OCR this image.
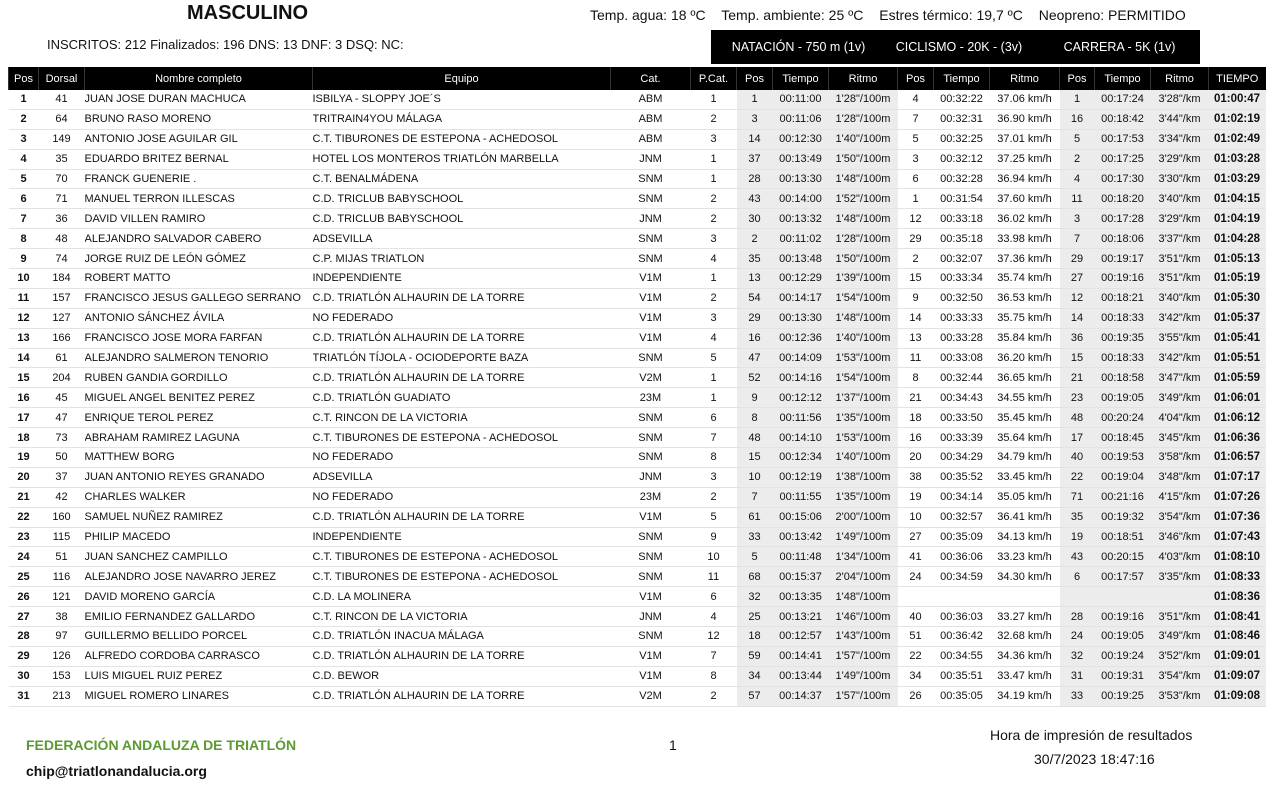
MASCULINO	Temp. agua: 18 ºC Temp. ambiente: 25 ºC Estres térmico: 19,7 ºC Neopreno: PERMITIDO
INSCRITOS: 212 Finalizados: 196 DNS: 13 DNF: 3 DSQ: NC:	NATACIÓN - 750 m (1v)	CICLISMO - 20K - (3v)	CARRERA - 5K (1v)
Pos	Dorsal	Nombre completo	Equipo	Cat.	P.Cat.	Pos	Tiempo	Ritmo	Pos	Tiempo	Ritmo	Pos	Tiempo	Ritmo	TIEMPO
1	41	JUAN JOSE DURAN MACHUCA	ISBILYA - SLOPPY JOE´S	ABM	1	1	00:11:00	1'28"/100m	4	00:32:22	37.06 km/h	1	00:17:24	3'28"/km	01:00:47
2	64	BRUNO RASO MORENO	TRITRAIN4YOU MÁLAGA	ABM	2	3	00:11:06	1'28"/100m	7	00:32:31	36.90 km/h	16	00:18:42	3'44"/km	01:02:19
3	149	ANTONIO JOSE AGUILAR GIL	C.T. TIBURONES DE ESTEPONA - ACHEDOSOL	ABM	3	14	00:12:30	1'40"/100m	5	00:32:25	37.01 km/h	5	00:17:53	3'34"/km	01:02:49
4	35	EDUARDO BRITEZ BERNAL	HOTEL LOS MONTEROS TRIATLÓN MARBELLA	JNM	1	37	00:13:49	1'50"/100m	3	00:32:12	37.25 km/h	2	00:17:25	3'29"/km	01:03:28
5	70	FRANCK GUENERIE .	C.T. BENALMÁDENA	SNM	1	28	00:13:30	1'48"/100m	6	00:32:28	36.94 km/h	4	00:17:30	3'30"/km	01:03:29
6	71	MANUEL TERRON ILLESCAS	C.D. TRICLUB BABYSCHOOL	SNM	2	43	00:14:00	1'52"/100m	1	00:31:54	37.60 km/h	11	00:18:20	3'40"/km	01:04:15
7	36	DAVID VILLEN RAMIRO	C.D. TRICLUB BABYSCHOOL	JNM	2	30	00:13:32	1'48"/100m	12	00:33:18	36.02 km/h	3	00:17:28	3'29"/km	01:04:19
8	48	ALEJANDRO SALVADOR CABERO	ADSEVILLA	SNM	3	2	00:11:02	1'28"/100m	29	00:35:18	33.98 km/h	7	00:18:06	3'37"/km	01:04:28
9	74	JORGE RUIZ DE LEÓN GÓMEZ	C.P. MIJAS TRIATLON	SNM	4	35	00:13:48	1'50"/100m	2	00:32:07	37.36 km/h	29	00:19:17	3'51"/km	01:05:13
10	184	ROBERT MATTO	INDEPENDIENTE	V1M	1	13	00:12:29	1'39"/100m	15	00:33:34	35.74 km/h	27	00:19:16	3'51"/km	01:05:19
11	157	FRANCISCO JESUS GALLEGO SERRANO	C.D. TRIATLÓN ALHAURIN DE LA TORRE	V1M	2	54	00:14:17	1'54"/100m	9	00:32:50	36.53 km/h	12	00:18:21	3'40"/km	01:05:30
12	127	ANTONIO SÁNCHEZ ÁVILA	NO FEDERADO	V1M	3	29	00:13:30	1'48"/100m	14	00:33:33	35.75 km/h	14	00:18:33	3'42"/km	01:05:37
13	166	FRANCISCO JOSE MORA FARFAN	C.D. TRIATLÓN ALHAURIN DE LA TORRE	V1M	4	16	00:12:36	1'40"/100m	13	00:33:28	35.84 km/h	36	00:19:35	3'55"/km	01:05:41
14	61	ALEJANDRO SALMERON TENORIO	TRIATLÓN TÍJOLA - OCIODEPORTE BAZA	SNM	5	47	00:14:09	1'53"/100m	11	00:33:08	36.20 km/h	15	00:18:33	3'42"/km	01:05:51
15	204	RUBEN GANDIA GORDILLO	C.D. TRIATLÓN ALHAURIN DE LA TORRE	V2M	1	52	00:14:16	1'54"/100m	8	00:32:44	36.65 km/h	21	00:18:58	3'47"/km	01:05:59
16	45	MIGUEL ANGEL BENITEZ PEREZ	C.D. TRIATLÓN GUADIATO	23M	1	9	00:12:12	1'37"/100m	21	00:34:43	34.55 km/h	23	00:19:05	3'49"/km	01:06:01
17	47	ENRIQUE TEROL PEREZ	C.T. RINCON DE LA VICTORIA	SNM	6	8	00:11:56	1'35"/100m	18	00:33:50	35.45 km/h	48	00:20:24	4'04"/km	01:06:12
18	73	ABRAHAM RAMIREZ LAGUNA	C.T. TIBURONES DE ESTEPONA - ACHEDOSOL	SNM	7	48	00:14:10	1'53"/100m	16	00:33:39	35.64 km/h	17	00:18:45	3'45"/km	01:06:36
19	50	MATTHEW BORG	NO FEDERADO	SNM	8	15	00:12:34	1'40"/100m	20	00:34:29	34.79 km/h	40	00:19:53	3'58"/km	01:06:57
20	37	JUAN ANTONIO REYES GRANADO	ADSEVILLA	JNM	3	10	00:12:19	1'38"/100m	38	00:35:52	33.45 km/h	22	00:19:04	3'48"/km	01:07:17
21	42	CHARLES WALKER	NO FEDERADO	23M	2	7	00:11:55	1'35"/100m	19	00:34:14	35.05 km/h	71	00:21:16	4'15"/km	01:07:26
22	160	SAMUEL NUÑEZ RAMIREZ	C.D. TRIATLÓN ALHAURIN DE LA TORRE	V1M	5	61	00:15:06	2'00"/100m	10	00:32:57	36.41 km/h	35	00:19:32	3'54"/km	01:07:36
23	115	PHILIP MACEDO	INDEPENDIENTE	SNM	9	33	00:13:42	1'49"/100m	27	00:35:09	34.13 km/h	19	00:18:51	3'46"/km	01:07:43
24	51	JUAN SANCHEZ CAMPILLO	C.T. TIBURONES DE ESTEPONA - ACHEDOSOL	SNM	10	5	00:11:48	1'34"/100m	41	00:36:06	33.23 km/h	43	00:20:15	4'03"/km	01:08:10
25	116	ALEJANDRO JOSE NAVARRO JEREZ	C.T. TIBURONES DE ESTEPONA - ACHEDOSOL	SNM	11	68	00:15:37	2'04"/100m	24	00:34:59	34.30 km/h	6	00:17:57	3'35"/km	01:08:33
26	121	DAVID MORENO GARCÍA	C.D. LA MOLINERA	V1M	6	32	00:13:35	1'48"/100m							01:08:36
27	38	EMILIO FERNANDEZ GALLARDO	C.T. RINCON DE LA VICTORIA	JNM	4	25	00:13:21	1'46"/100m	40	00:36:03	33.27 km/h	28	00:19:16	3'51"/km	01:08:41
28	97	GUILLERMO BELLIDO PORCEL	C.D. TRIATLÓN INACUA MÁLAGA	SNM	12	18	00:12:57	1'43"/100m	51	00:36:42	32.68 km/h	24	00:19:05	3'49"/km	01:08:46
29	126	ALFREDO CORDOBA CARRASCO	C.D. TRIATLÓN ALHAURIN DE LA TORRE	V1M	7	59	00:14:41	1'57"/100m	22	00:34:55	34.36 km/h	32	00:19:24	3'52"/km	01:09:01
30	153	LUIS MIGUEL RUIZ PEREZ	C.D. BEWOR	V1M	8	34	00:13:44	1'49"/100m	34	00:35:51	33.47 km/h	31	00:19:31	3'54"/km	01:09:07
31	213	MIGUEL ROMERO LINARES	C.D. TRIATLÓN ALHAURIN DE LA TORRE	V2M	2	57	00:14:37	1'57"/100m	26	00:35:05	34.19 km/h	33	00:19:25	3'53"/km	01:09:08
FEDERACIÓN ANDALUZA DE TRIATLÓN
chip@triatlonandalucia.org
1
Hora de impresión de resultados
30/7/2023 18:47:16
